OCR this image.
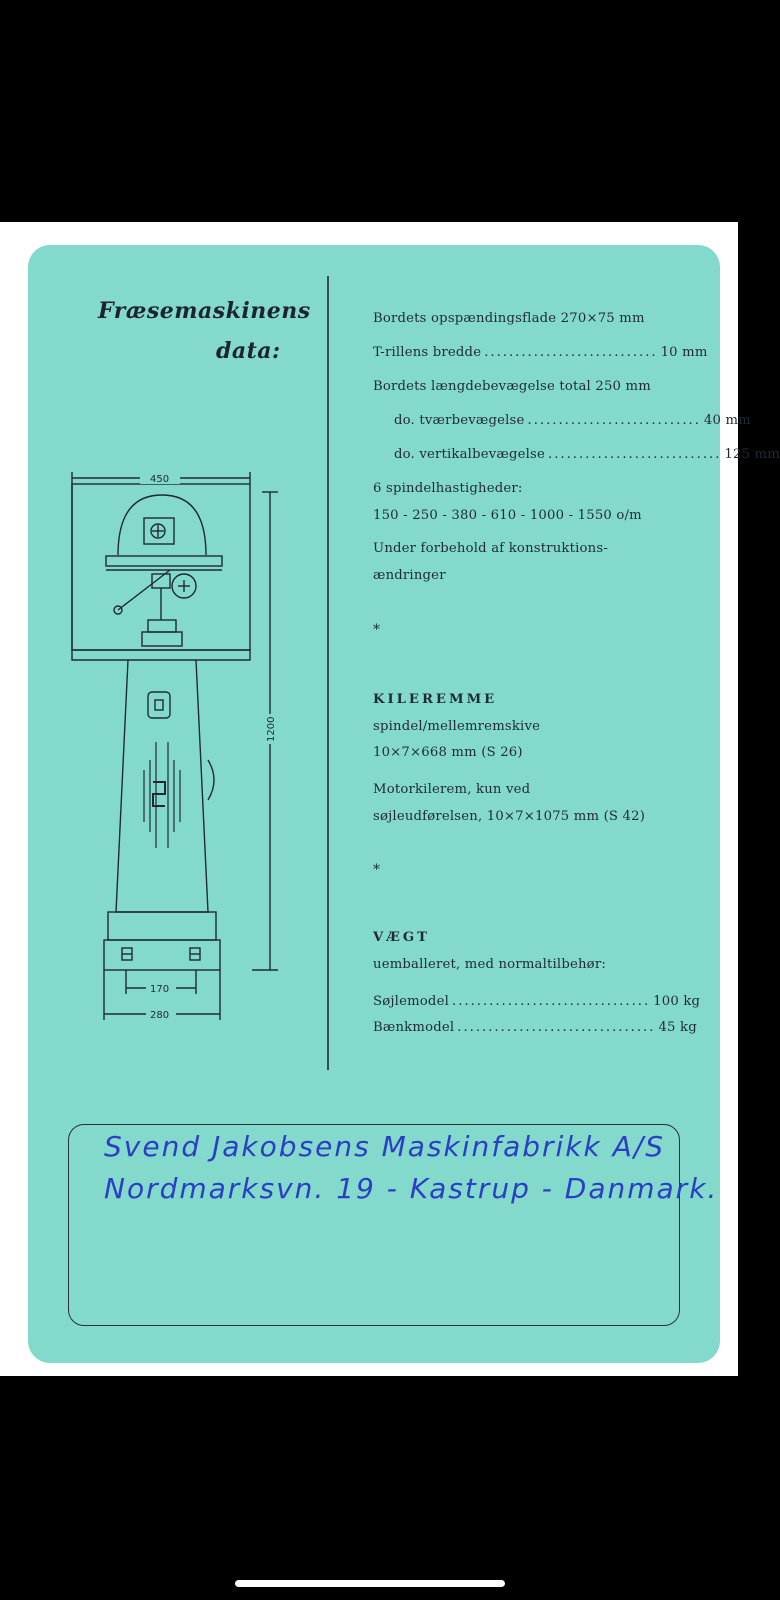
Fræsemaskinens
data:
450
1200
170
280
Bordets opspændingsflade 270×75 mm
T-rillens bredde ............................ 10 mm
Bordets længdebevægelse total 250 mm
do. tværbevægelse ............................ 40 mm
do. vertikalbevægelse ............................ 125 mm
6 spindelhastigheder:
150 - 250 - 380 - 610 - 1000 - 1550 o/m
Under forbehold af konstruktions-
ændringer
*
KILEREMME
spindel/mellemremskive
10×7×668 mm (S 26)
Motorkilerem, kun ved
søjleudførelsen, 10×7×1075 mm (S 42)
*
VÆGT
uemballeret, med normaltilbehør:
Søjlemodel ................................ 100 kg
Bænkmodel ................................ 45 kg
Svend Jakobsens Maskinfabrikk A/S
Nordmarksvn. 19 - Kastrup - Danmark.
